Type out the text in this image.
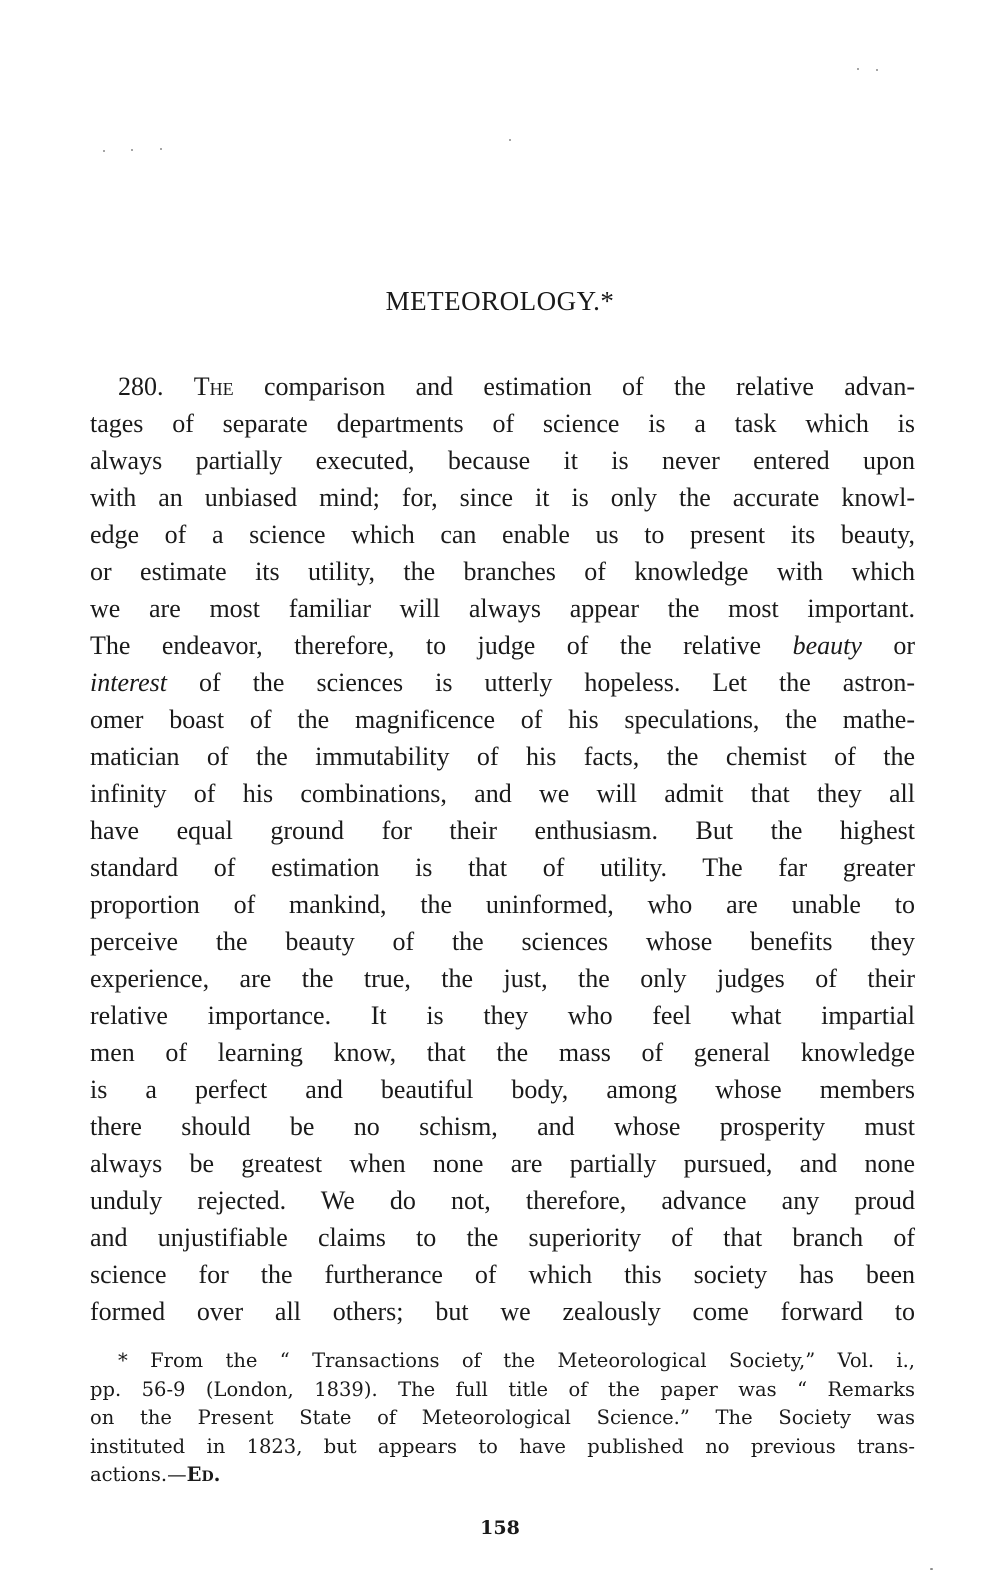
METEOROLOGY.*
280. The comparison and estimation of the relative advan-
tages of separate departments of science is a task which is
always partially executed, because it is never entered upon
with an unbiased mind; for, since it is only the accurate knowl-
edge of a science which can enable us to present its beauty,
or estimate its utility, the branches of knowledge with which
we are most familiar will always appear the most important.
The endeavor, therefore, to judge of the relative beauty or
interest of the sciences is utterly hopeless. Let the astron-
omer boast of the magnificence of his speculations, the mathe-
matician of the immutability of his facts, the chemist of the
infinity of his combinations, and we will admit that they all
have equal ground for their enthusiasm. But the highest
standard of estimation is that of utility. The far greater
proportion of mankind, the uninformed, who are unable to
perceive the beauty of the sciences whose benefits they
experience, are the true, the just, the only judges of their
relative importance. It is they who feel what impartial
men of learning know, that the mass of general knowledge
is a perfect and beautiful body, among whose members
there should be no schism, and whose prosperity must
always be greatest when none are partially pursued, and none
unduly rejected. We do not, therefore, advance any proud
and unjustifiable claims to the superiority of that branch of
science for the furtherance of which this society has been
formed over all others; but we zealously come forward to
* From the “ Transactions of the Meteorological Society,” Vol. i.,
pp. 56-9 (London, 1839). The full title of the paper was “ Remarks
on the Present State of Meteorological Science.” The Society was
instituted in 1823, but appears to have published no previous trans-
actions.—Ed.
158
